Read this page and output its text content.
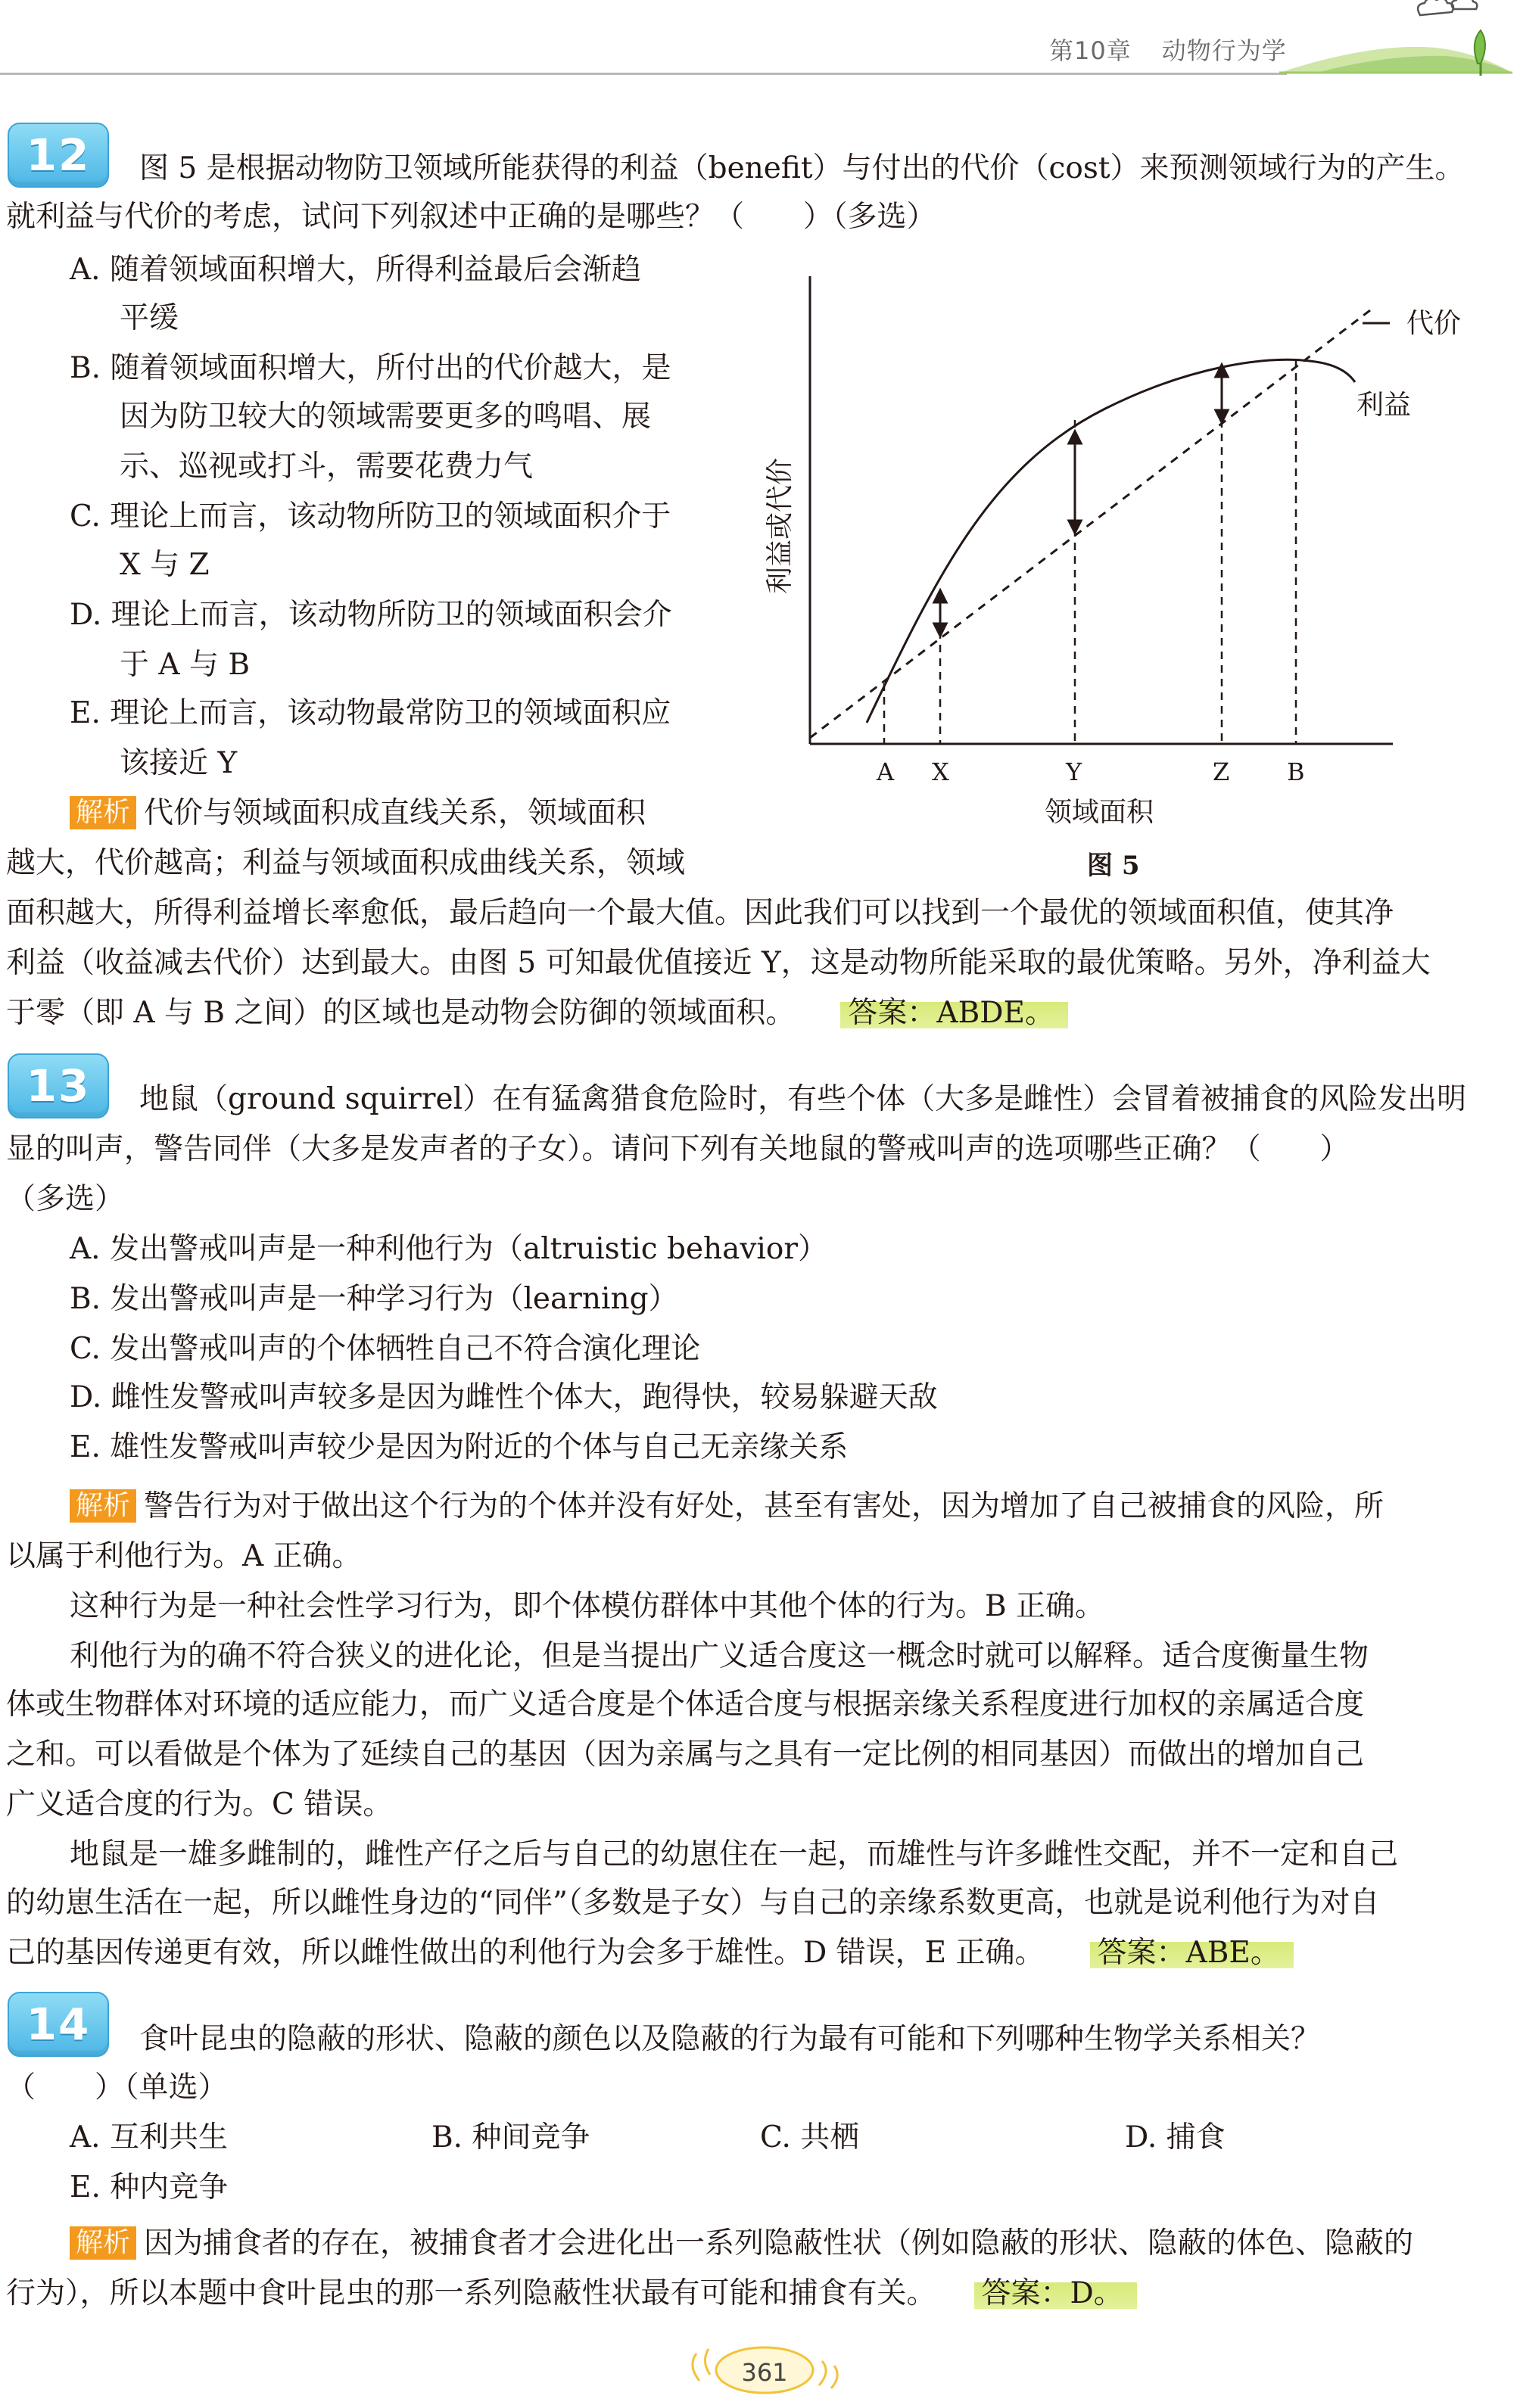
第10章 动物行为学
12	图 5 是根据动物防卫领域所能获得的利益（benefit）与付出的代价（cost）来预测领域行为的产生。
就利益与代价的考虑，试问下列叙述中正确的是哪些？（　　）（多选）
A. 随着领域面积增大，所得利益最后会渐趋
平缓
B. 随着领域面积增大，所付出的代价越大，是
因为防卫较大的领域需要更多的鸣唱、展
示、巡视或打斗，需要花费力气
C. 理论上而言，该动物所防卫的领域面积介于
X 与 Z
D. 理论上而言，该动物所防卫的领域面积会介
于 A 与 B
E. 理论上而言，该动物最常防卫的领域面积应
该接近 Y
解析 代价与领域面积成直线关系，领域面积
越大，代价越高；利益与领域面积成曲线关系，领域
面积越大，所得利益增长率愈低，最后趋向一个最大值。因此我们可以找到一个最优的领域面积值，使其净
利益（收益减去代价）达到最大。由图 5 可知最优值接近 Y，这是动物所能采取的最优策略。另外，净利益大
于零（即 A 与 B 之间）的区域也是动物会防御的领域面积。 答案：ABDE。
代价
利益
A X	Y	Z B
利益或代价
领域面积
图 5
13	地鼠（ground squirrel）在有猛禽猎食危险时，有些个体（大多是雌性）会冒着被捕食的风险发出明
显的叫声，警告同伴（大多是发声者的子女）。请问下列有关地鼠的警戒叫声的选项哪些正确？（　　）
（多选）
A. 发出警戒叫声是一种利他行为（altruistic behavior）
B. 发出警戒叫声是一种学习行为（learning）
C. 发出警戒叫声的个体牺牲自己不符合演化理论
D. 雌性发警戒叫声较多是因为雌性个体大，跑得快，较易躲避天敌
E. 雄性发警戒叫声较少是因为附近的个体与自己无亲缘关系
解析 警告行为对于做出这个行为的个体并没有好处，甚至有害处，因为增加了自己被捕食的风险，所
以属于利他行为。A 正确。
这种行为是一种社会性学习行为，即个体模仿群体中其他个体的行为。B 正确。
利他行为的确不符合狭义的进化论，但是当提出广义适合度这一概念时就可以解释。适合度衡量生物
体或生物群体对环境的适应能力，而广义适合度是个体适合度与根据亲缘关系程度进行加权的亲属适合度
之和。可以看做是个体为了延续自己的基因（因为亲属与之具有一定比例的相同基因）而做出的增加自己
广义适合度的行为。C 错误。
地鼠是一雄多雌制的，雌性产仔之后与自己的幼崽住在一起，而雄性与许多雌性交配，并不一定和自己
的幼崽生活在一起，所以雌性身边的“同伴”（多数是子女）与自己的亲缘系数更高，也就是说利他行为对自
己的基因传递更有效，所以雌性做出的利他行为会多于雄性。D 错误，E 正确。 答案：ABE。
14	食叶昆虫的隐蔽的形状、隐蔽的颜色以及隐蔽的行为最有可能和下列哪种生物学关系相关？
（　　）（单选）
A. 互利共生	B. 种间竞争	C. 共栖	D. 捕食
E. 种内竞争
解析 因为捕食者的存在，被捕食者才会进化出一系列隐蔽性状（例如隐蔽的形状、隐蔽的体色、隐蔽的
行为），所以本题中食叶昆虫的那一系列隐蔽性状最有可能和捕食有关。 答案：D。
361
